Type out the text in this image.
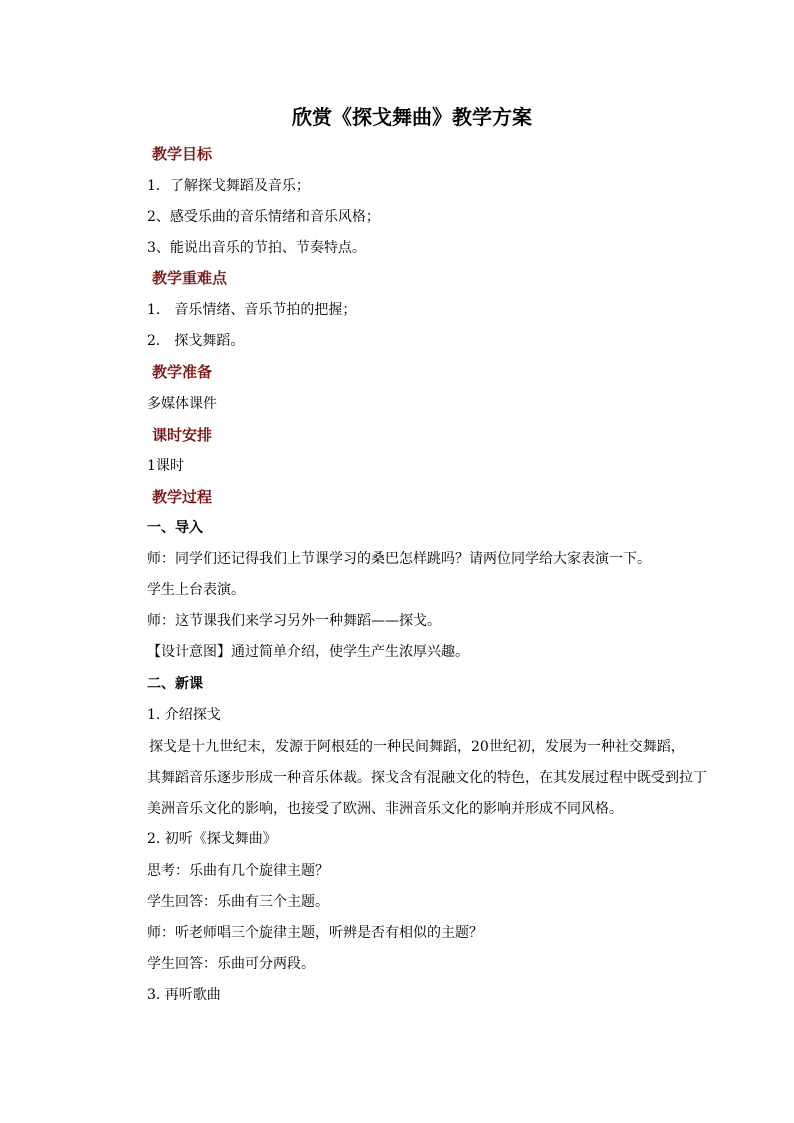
欣赏《探戈舞曲》教学方案
教学目标
1．了解探戈舞蹈及音乐；
2、感受乐曲的音乐情绪和音乐风格；
3、能说出音乐的节拍、节奏特点。
教学重难点
1． 音乐情绪、音乐节拍的把握；
2． 探戈舞蹈。
教学准备
多媒体课件
课时安排
1课时
教学过程
一、导入
师：同学们还记得我们上节课学习的桑巴怎样跳吗？请两位同学给大家表演一下。
学生上台表演。
师：这节课我们来学习另外一种舞蹈——探戈。
【设计意图】通过简单介绍，使学生产生浓厚兴趣。
二、新课
1. 介绍探戈
探戈是十九世纪末，发源于阿根廷的一种民间舞蹈，20世纪初，发展为一种社交舞蹈，
其舞蹈音乐逐步形成一种音乐体裁。探戈含有混融文化的特色，在其发展过程中既受到拉丁
美洲音乐文化的影响，也接受了欧洲、非洲音乐文化的影响并形成不同风格。
2. 初听《探戈舞曲》
思考：乐曲有几个旋律主题？
学生回答：乐曲有三个主题。
师：听老师唱三个旋律主题，听辨是否有相似的主题？
学生回答：乐曲可分两段。
3. 再听歌曲
